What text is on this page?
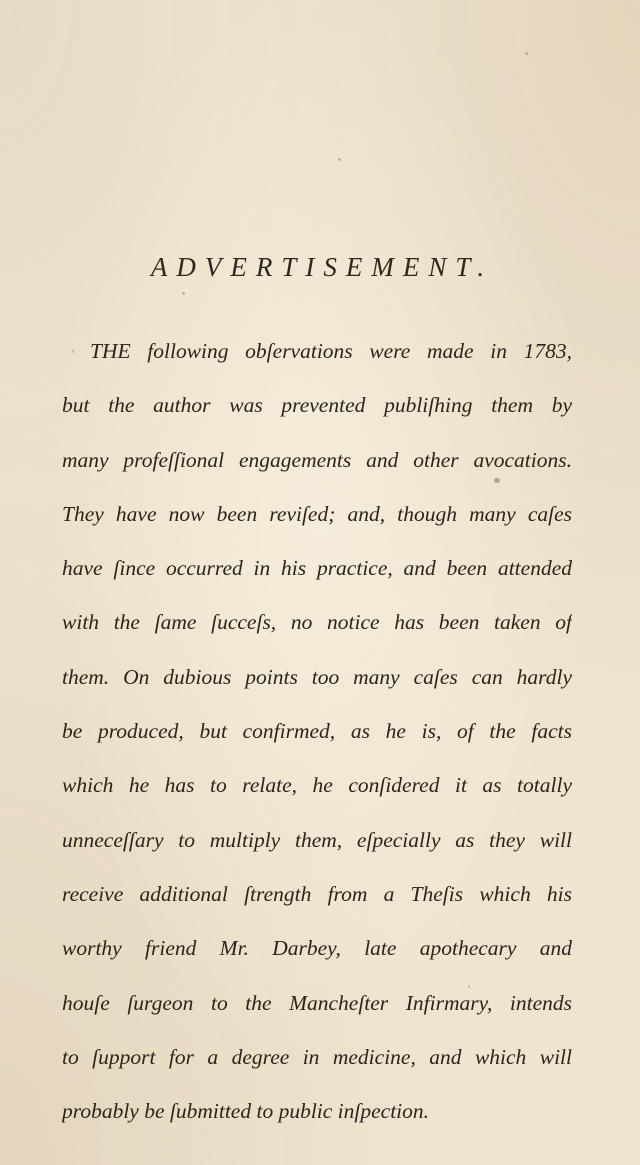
ADVERTISEMENT.
THE following obſervations were made in 1783,
but the author was prevented publiſhing them by
many profeſſional engagements and other avocations.
They have now been reviſed; and, though many caſes
have ſince occurred in his practice, and been attended
with the ſame ſucceſs, no notice has been taken of
them. On dubious points too many caſes can hardly
be produced, but confirmed, as he is, of the facts
which he has to relate, he conſidered it as totally
unneceſſary to multiply them, eſpecially as they will
receive additional ſtrength from a Theſis which his
worthy friend Mr. Darbey, late apothecary and
houſe ſurgeon to the Mancheſter Infirmary, intends
to ſupport for a degree in medicine, and which will
probably be ſubmitted to public inſpection.
